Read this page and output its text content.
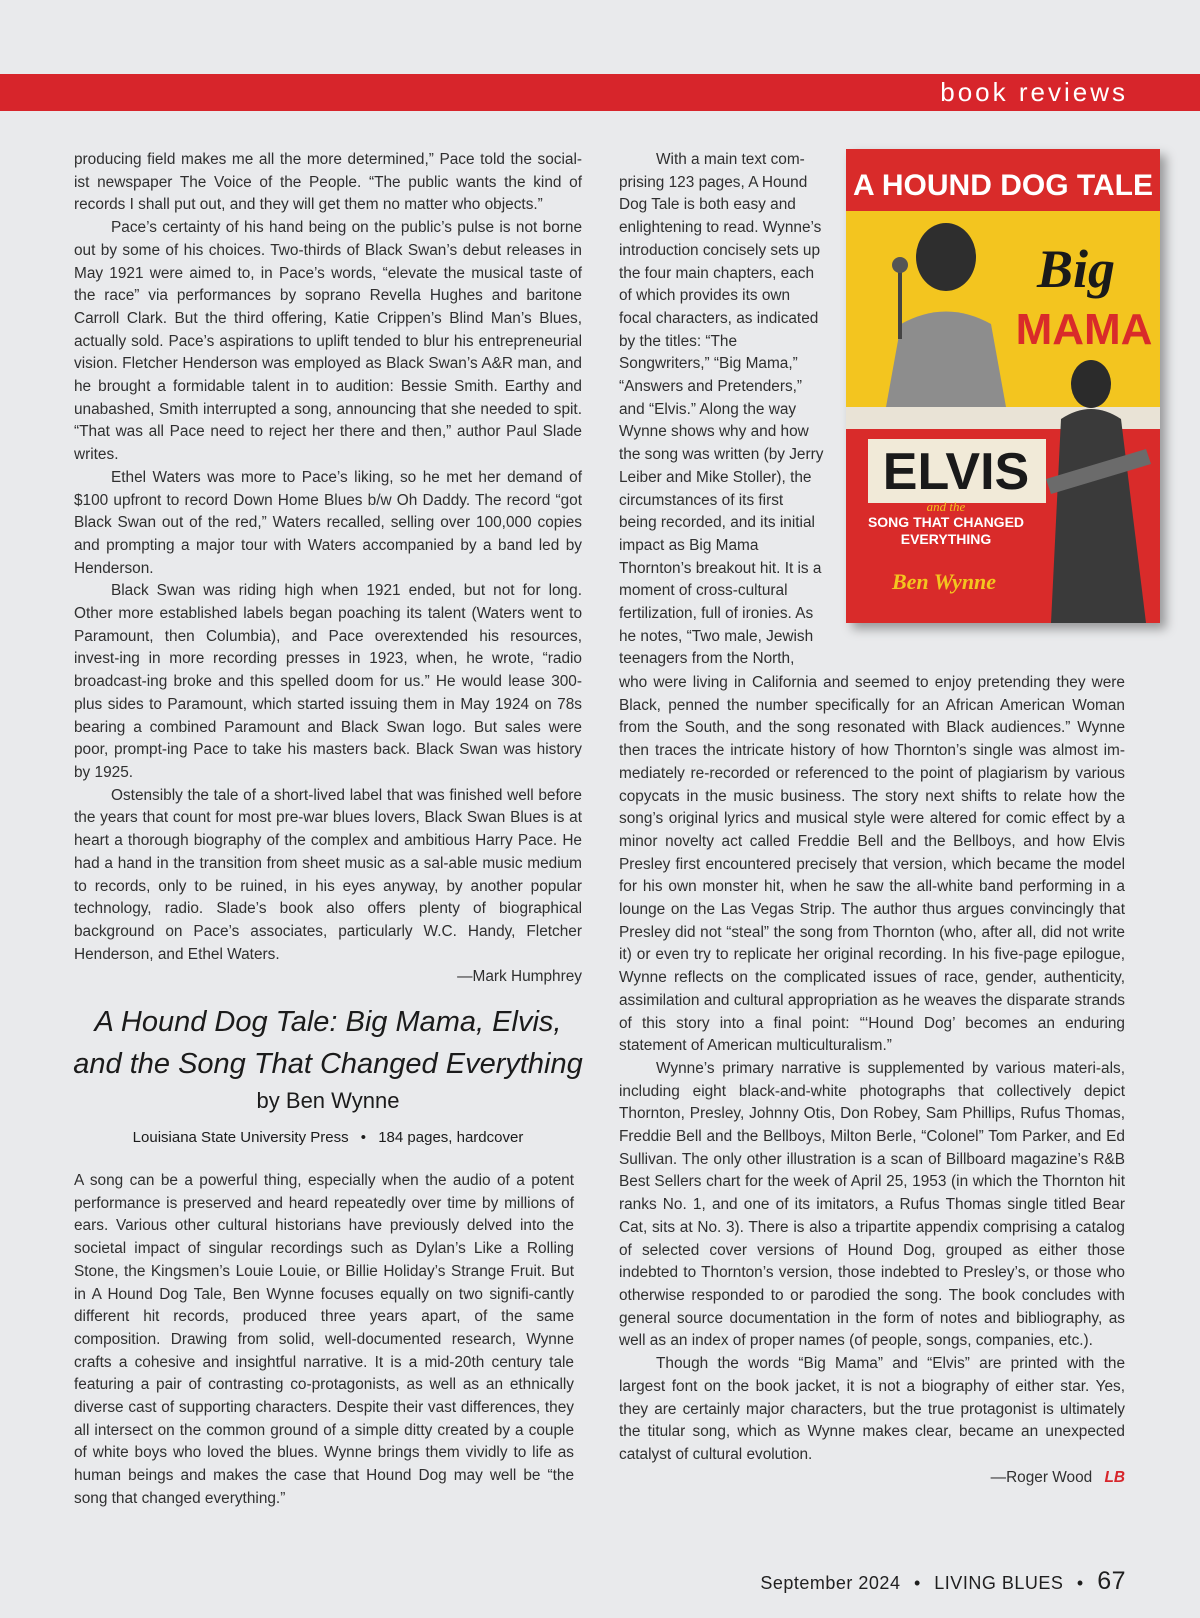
book reviews

producing field makes me all the more determined,” Pace told the social-ist newspaper The Voice of the People. “The public wants the kind of records I shall put out, and they will get them no matter who objects.”

Pace’s certainty of his hand being on the public’s pulse is not borne out by some of his choices. Two-thirds of Black Swan’s debut releases in May 1921 were aimed to, in Pace’s words, “elevate the musical taste of the race” via performances by soprano Revella Hughes and baritone Carroll Clark. But the third offering, Katie Crippen’s Blind Man’s Blues, actually sold. Pace’s aspirations to uplift tended to blur his entrepreneurial vision. Fletcher Henderson was employed as Black Swan’s A&R man, and he brought a formidable talent in to audition: Bessie Smith. Earthy and unabashed, Smith interrupted a song, announcing that she needed to spit. “That was all Pace need to reject her there and then,” author Paul Slade writes.

Ethel Waters was more to Pace’s liking, so he met her demand of $100 upfront to record Down Home Blues b/w Oh Daddy. The record “got Black Swan out of the red,” Waters recalled, selling over 100,000 copies and prompting a major tour with Waters accompanied by a band led by Henderson.

Black Swan was riding high when 1921 ended, but not for long. Other more established labels began poaching its talent (Waters went to Paramount, then Columbia), and Pace overextended his resources, invest-ing in more recording presses in 1923, when, he wrote, “radio broadcast-ing broke and this spelled doom for us.” He would lease 300-plus sides to Paramount, which started issuing them in May 1924 on 78s bearing a combined Paramount and Black Swan logo. But sales were poor, prompt-ing Pace to take his masters back. Black Swan was history by 1925.

Ostensibly the tale of a short-lived label that was finished well before the years that count for most pre-war blues lovers, Black Swan Blues is at heart a thorough biography of the complex and ambitious Harry Pace. He had a hand in the transition from sheet music as a sal-able music medium to records, only to be ruined, in his eyes anyway, by another popular technology, radio. Slade’s book also offers plenty of biographical background on Pace’s associates, particularly W.C. Handy, Fletcher Henderson, and Ethel Waters.

—Mark Humphrey

A Hound Dog Tale: Big Mama, Elvis,
and the Song That Changed Everything
by Ben Wynne
Louisiana State University Press • 184 pages, hardcover

A song can be a powerful thing, especially when the audio of a potent performance is preserved and heard repeatedly over time by millions of ears. Various other cultural historians have previously delved into the societal impact of singular recordings such as Dylan’s Like a Rolling Stone, the Kingsmen’s Louie Louie, or Billie Holiday’s Strange Fruit. But in A Hound Dog Tale, Ben Wynne focuses equally on two signifi-cantly different hit records, produced three years apart, of the same composition. Drawing from solid, well-documented research, Wynne crafts a cohesive and insightful narrative. It is a mid-20th century tale featuring a pair of contrasting co-protagonists, as well as an ethnically diverse cast of supporting characters. Despite their vast differences, they all intersect on the common ground of a simple ditty created by a couple of white boys who loved the blues. Wynne brings them vividly to life as human beings and makes the case that Hound Dog may well be “the song that changed everything.”

With a main text com-prising 123 pages, A Hound Dog Tale is both easy and enlightening to read. Wynne’s introduction concisely sets up the four main chapters, each of which provides its own focal characters, as indicated by the titles: “The Songwriters,” “Big Mama,” “Answers and Pretenders,” and “Elvis.” Along the way Wynne shows why and how the song was written (by Jerry Leiber and Mike Stoller), the circumstances of its first being recorded, and its initial impact as Big Mama Thornton’s breakout hit. It is a moment of cross-cultural fertilization, full of ironies. As he notes, “Two male, Jewish teenagers from the North,

A HOUND DOG TALE
Big
MAMA
ELVIS
and the
SONG THAT CHANGED
EVERYTHING
Ben Wynne

who were living in California and seemed to enjoy pretending they were Black, penned the number specifically for an African American Woman from the South, and the song resonated with Black audiences.” Wynne then traces the intricate history of how Thornton’s single was almost im-mediately re-recorded or referenced to the point of plagiarism by various copycats in the music business. The story next shifts to relate how the song’s original lyrics and musical style were altered for comic effect by a minor novelty act called Freddie Bell and the Bellboys, and how Elvis Presley first encountered precisely that version, which became the model for his own monster hit, when he saw the all-white band performing in a lounge on the Las Vegas Strip. The author thus argues convincingly that Presley did not “steal” the song from Thornton (who, after all, did not write it) or even try to replicate her original recording. In his five-page epilogue, Wynne reflects on the complicated issues of race, gender, authenticity, assimilation and cultural appropriation as he weaves the disparate strands of this story into a final point: “‘Hound Dog’ becomes an enduring statement of American multiculturalism.”

Wynne’s primary narrative is supplemented by various materi-als, including eight black-and-white photographs that collectively depict Thornton, Presley, Johnny Otis, Don Robey, Sam Phillips, Rufus Thomas, Freddie Bell and the Bellboys, Milton Berle, “Colonel” Tom Parker, and Ed Sullivan. The only other illustration is a scan of Billboard magazine’s R&B Best Sellers chart for the week of April 25, 1953 (in which the Thornton hit ranks No. 1, and one of its imitators, a Rufus Thomas single titled Bear Cat, sits at No. 3). There is also a tripartite appendix comprising a catalog of selected cover versions of Hound Dog, grouped as either those indebted to Thornton’s version, those indebted to Presley’s, or those who otherwise responded to or parodied the song. The book concludes with general source documentation in the form of notes and bibliography, as well as an index of proper names (of people, songs, companies, etc.).

Though the words “Big Mama” and “Elvis” are printed with the largest font on the book jacket, it is not a biography of either star. Yes, they are certainly major characters, but the true protagonist is ultimately the titular song, which as Wynne makes clear, became an unexpected catalyst of cultural evolution.

—Roger Wood LB

September 2024 • LIVING BLUES • 67
